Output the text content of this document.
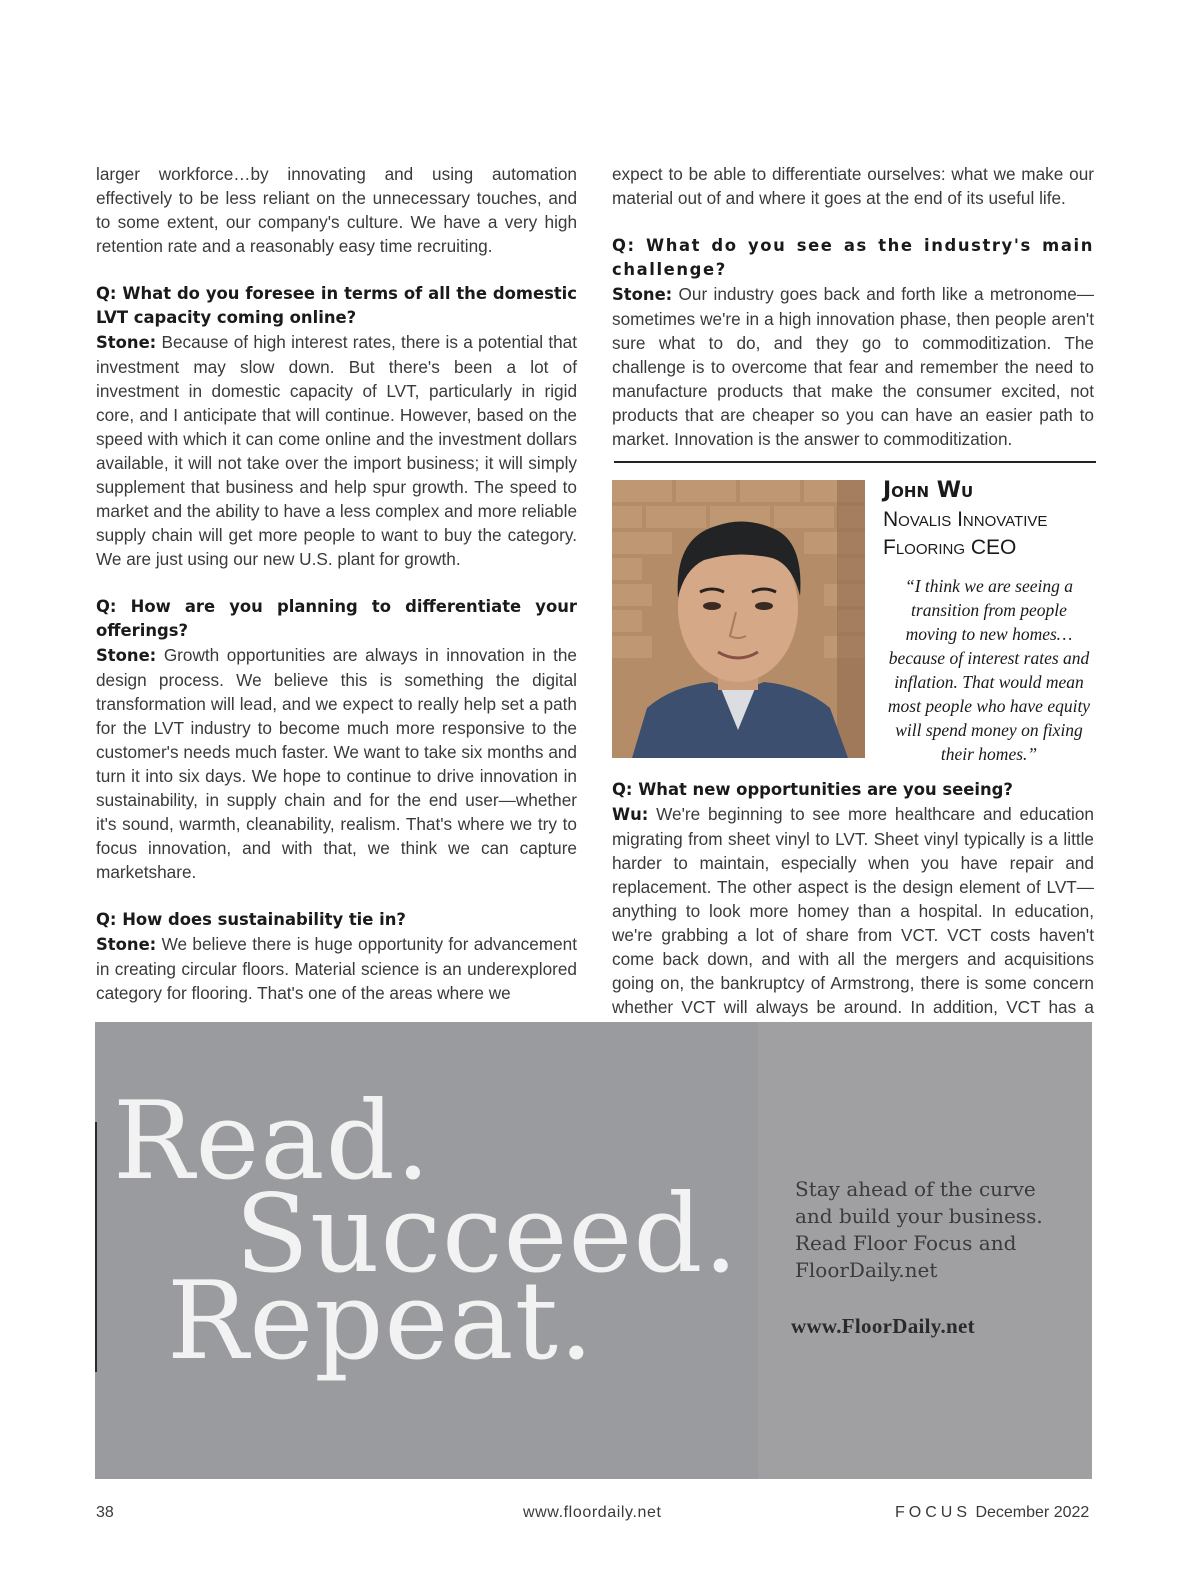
larger workforce…by innovating and using automation effectively to be less reliant on the unnecessary touches, and to some extent, our company's culture. We have a very high retention rate and a reasonably easy time recruiting.

Q: What do you foresee in terms of all the domestic LVT capacity coming online?

Stone: Because of high interest rates, there is a potential that investment may slow down. But there's been a lot of investment in domestic capacity of LVT, particularly in rigid core, and I anticipate that will continue. However, based on the speed with which it can come online and the investment dollars available, it will not take over the import business; it will simply supplement that business and help spur growth. The speed to market and the ability to have a less complex and more reliable supply chain will get more people to want to buy the category. We are just using our new U.S. plant for growth.

Q: How are you planning to differentiate your offerings?

Stone: Growth opportunities are always in innovation in the design process. We believe this is something the digital transformation will lead, and we expect to really help set a path for the LVT industry to become much more responsive to the customer's needs much faster. We want to take six months and turn it into six days. We hope to continue to drive innovation in sustainability, in supply chain and for the end user—whether it's sound, warmth, cleanability, realism. That's where we try to focus innovation, and with that, we think we can capture marketshare.

Q: How does sustainability tie in?

Stone: We believe there is huge opportunity for advancement in creating circular floors. Material science is an underexplored category for flooring. That's one of the areas where we

expect to be able to differentiate ourselves: what we make our material out of and where it goes at the end of its useful life.

Q: What do you see as the industry's main challenge?

Stone: Our industry goes back and forth like a metronome—sometimes we're in a high innovation phase, then people aren't sure what to do, and they go to commoditization. The challenge is to overcome that fear and remember the need to manufacture products that make the consumer excited, not products that are cheaper so you can have an easier path to market. Innovation is the answer to commoditization.

John Wu
Novalis Innovative
Flooring CEO
“I think we are seeing a transition from people moving to new homes…because of interest rates and inflation. That would mean most people who have equity will spend money on fixing their homes.”

Q: What new opportunities are you seeing?

Wu: We're beginning to see more healthcare and education migrating from sheet vinyl to LVT. Sheet vinyl typically is a little harder to maintain, especially when you have repair and replacement. The other aspect is the design element of LVT—anything to look more homey than a hospital. In education, we're grabbing a lot of share from VCT. VCT costs haven't come back down, and with all the mergers and acquisitions going on, the bankruptcy of Armstrong, there is some concern whether VCT will always be around. In addition, VCT has a

Read.
Succeed.
Repeat.
Stay ahead of the curve and build your business. Read Floor Focus and FloorDaily.net
www.FloorDaily.net
38	www.floordaily.net	FOCUS December 2022
